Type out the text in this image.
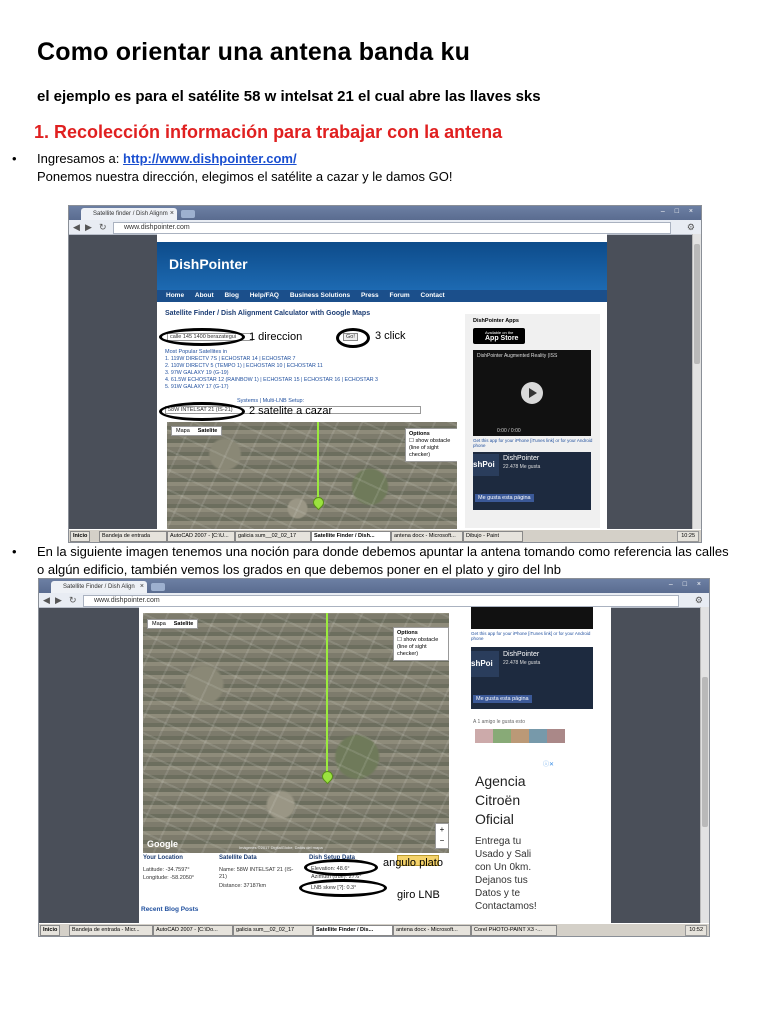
Como orientar una antena banda ku
el ejemplo es para el satélite 58 w intelsat 21 el cual abre las llaves sks
1. Recolección información para trabajar con la antena
• Ingresamos a: http://www.dishpointer.com/
Ponemos nuestra dirección, elegimos el satélite a cazar y le damos GO!
Satellite finder / Dish Alignm ×	– □ ×
◀ ▶ ↻	www.dishpointer.com	⚙
DishPointer
Home About Blog Help/FAQ Business Solutions Press Forum Contact
Satellite Finder / Dish Alignment Calculator with Google Maps
calle 145 1400 berazategui	Go!
Most Popular Satellites in
1. 119W DIRECTV 7S | ECHOSTAR 14 | ECHOSTAR 7
2. 110W DIRECTV 5 (TEMPO 1) | ECHOSTAR 10 | ECHOSTAR 11
3. 97W GALAXY 19 (G-19)
4. 61.5W ECHOSTAR 12 (RAINBOW 1) | ECHOSTAR 15 | ECHOSTAR 16 | ECHOSTAR 3
5. 91W GALAXY 17 (G-17)
Systems | Multi-LNB Setup:
58W INTELSAT 21 (IS-21)
1 direccion	3 click
2 satelite a cazar
Mapa Satelite	Options
☐ show obstacle (line of sight checker)
DishPointer Apps
Available on the
App Store
DishPointer Augmented Reality (ISS
0:00 / 0:00
Get this app for your iPhone [iTunes link] or for your Android phone
shPoi
DishPointer
22.478 Me gusta
Me gusta esta página
Inicio	Bandeja de entrada	AutoCAD 2007 - [C:\U...	galicia sum__02_02_17	Satellite Finder / Dish...	antena docx - Microsoft...	Dibujo - Paint	10:25
• En la siguiente imagen tenemos una noción para donde debemos apuntar la antena tomando como referencia las calles
o algún edificio, también vemos los grados en que debemos poner en el plato y giro del lnb
Satellite Finder / Dish Align ×	– □ ×
◀ ▶ ↻	www.dishpointer.com	⚙
Mapa Satelite
Options
☐ show obstacle (line of sight checker)
+
−
Google	Imágenes ©2017 DigitalGlobe, Datos del mapa
Your Location
Latitude: -34.7597°
Longitude: -58.2050°
Satellite Data
Name: 58W INTELSAT 21 (IS-21)
Distance: 37187km
Dish Setup Data
Elevation: 48.6°
Azimuth (true): 27.6°
LNB skew [?]: 0.3°
angulo plato
giro LNB
Recent Blog Posts
Get this app for your iPhone [iTunes link] or for your Android phone
shPoi
DishPointer
22.478 Me gusta
Me gusta esta página
A 1 amigo le gusta esto
ⓘ✕
Agencia
Citroën
Oficial
Entrega tu
Usado y Sali
con Un 0km.
Dejanos tus
Datos y te
Contactamos!
Inicio	Bandeja de entrada - Micr...	AutoCAD 2007 - [C:\Do...	galicia sum__02_02_17	Satellite Finder / Dis...	antena docx - Microsoft...	Corel PHOTO-PAINT X3 -...	10:52
